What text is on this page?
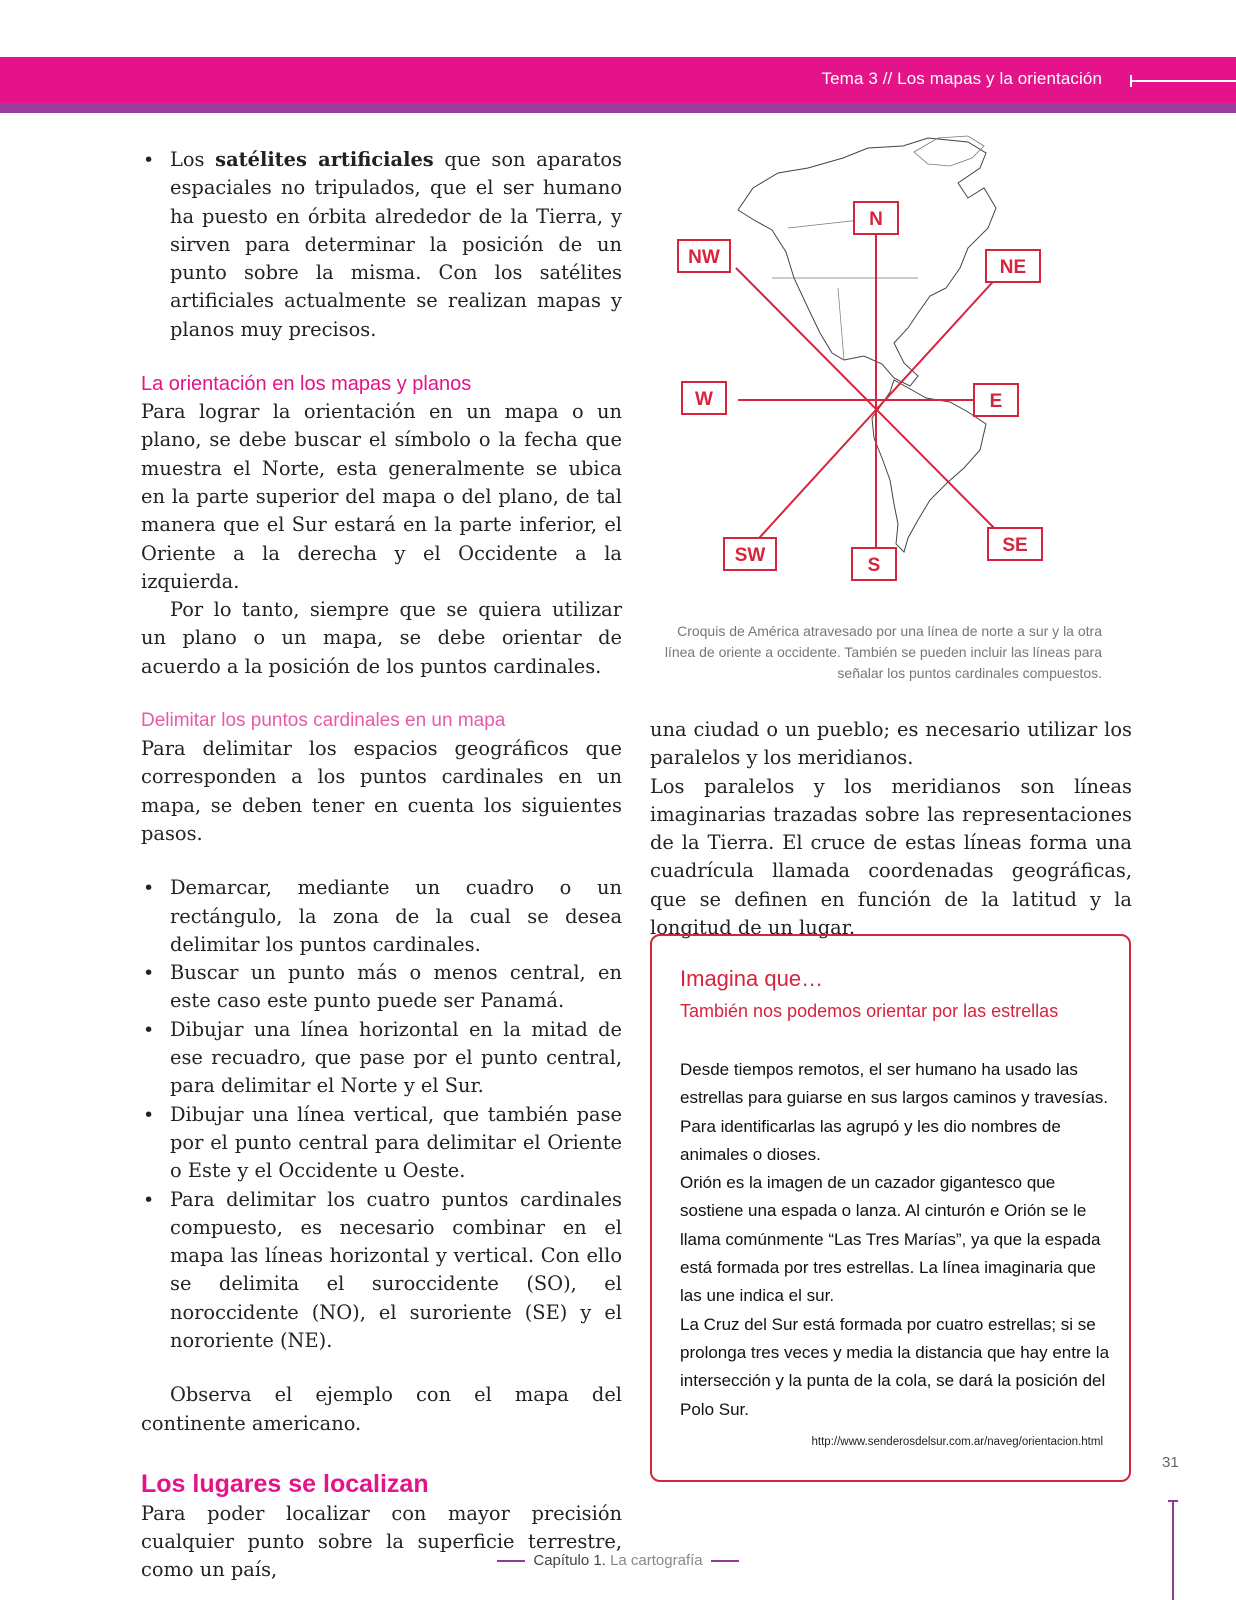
Tema 3 // Los mapas y la orientación
• Los satélites artificiales que son aparatos espaciales no tripulados, que el ser humano ha puesto en órbita alrededor de la Tierra, y sirven para determinar la posición de un punto sobre la misma. Con los satélites artificiales actualmente se realizan mapas y planos muy precisos.
La orientación en los mapas y planos
Para lograr la orientación en un mapa o un plano, se debe buscar el símbolo o la fecha que muestra el Norte, esta generalmente se ubica en la parte superior del mapa o del plano, de tal manera que el Sur estará en la parte inferior, el Oriente a la derecha y el Occidente a la izquierda.
Por lo tanto, siempre que se quiera utilizar un plano o un mapa, se debe orientar de acuerdo a la posición de los puntos cardinales.
Delimitar los puntos cardinales en un mapa
Para delimitar los espacios geográficos que corresponden a los puntos cardinales en un mapa, se deben tener en cuenta los siguientes pasos.
• Demarcar, mediante un cuadro o un rectángulo, la zona de la cual se desea delimitar los puntos cardinales.
• Buscar un punto más o menos central, en este caso este punto puede ser Panamá.
• Dibujar una línea horizontal en la mitad de ese recuadro, que pase por el punto central, para delimitar el Norte y el Sur.
• Dibujar una línea vertical, que también pase por el punto central para delimitar el Oriente o Este y el Occidente u Oeste.
• Para delimitar los cuatro puntos cardinales compuesto, es necesario combinar en el mapa las líneas horizontal y vertical. Con ello se delimita el suroccidente (SO), el noroccidente (NO), el suroriente (SE) y el nororiente (NE).
Observa el ejemplo con el mapa del continente americano.
Los lugares se localizan
Para poder localizar con mayor precisión cualquier punto sobre la superficie terrestre, como un país,
N
NW	NE
W	E
SW	S
SE
Croquis de América atravesado por una línea de norte a sur y la otra línea de oriente a occidente. También se pueden incluir las líneas para señalar los puntos cardinales compuestos.
una ciudad o un pueblo; es necesario utilizar los paralelos y los meridianos.
Los paralelos y los meridianos son líneas imaginarias trazadas sobre las representaciones de la Tierra. El cruce de estas líneas forma una cuadrícula llamada coordenadas geográficas, que se definen en función de la latitud y la longitud de un lugar.
Imagina que…
También nos podemos orientar por las estrellas
Desde tiempos remotos, el ser humano ha usado las estrellas para guiarse en sus largos caminos y travesías. Para identificarlas las agrupó y les dio nombres de animales o dioses.
Orión es la imagen de un cazador gigantesco que sostiene una espada o lanza. Al cinturón e Orión se le llama comúnmente “Las Tres Marías”, ya que la espada está formada por tres estrellas. La línea imaginaria que las une indica el sur.
La Cruz del Sur está formada por cuatro estrellas; si se prolonga tres veces y media la distancia que hay entre la intersección y la punta de la cola, se dará la posición del Polo Sur.
http://www.senderosdelsur.com.ar/naveg/orientacion.html
31
Capítulo 1. La cartografía
